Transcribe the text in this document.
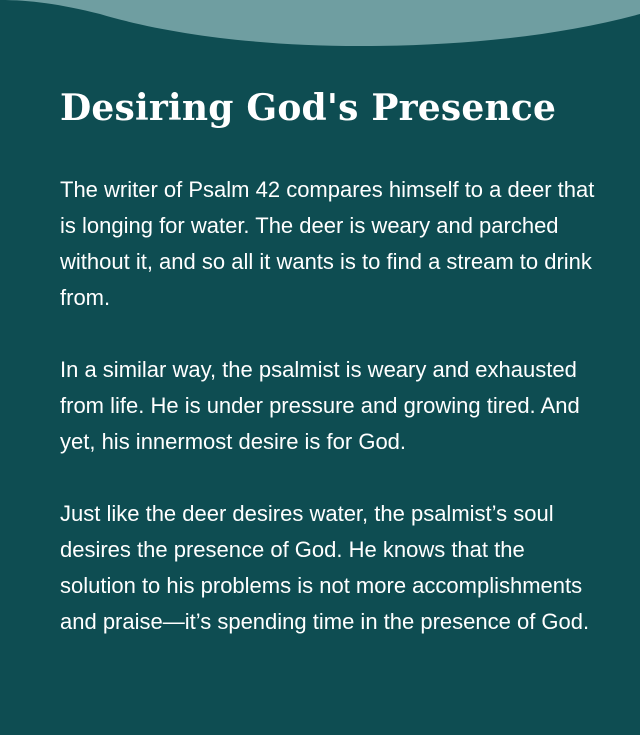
Desiring God's Presence

The writer of Psalm 42 compares himself to a deer that is longing for water. The deer is weary and parched without it, and so all it wants is to find a stream to drink from.

In a similar way, the psalmist is weary and exhausted from life. He is under pressure and growing tired. And yet, his innermost desire is for God.

Just like the deer desires water, the psalmist’s soul desires the presence of God. He knows that the solution to his problems is not more accomplishments and praise—it’s spending time in the presence of God.
